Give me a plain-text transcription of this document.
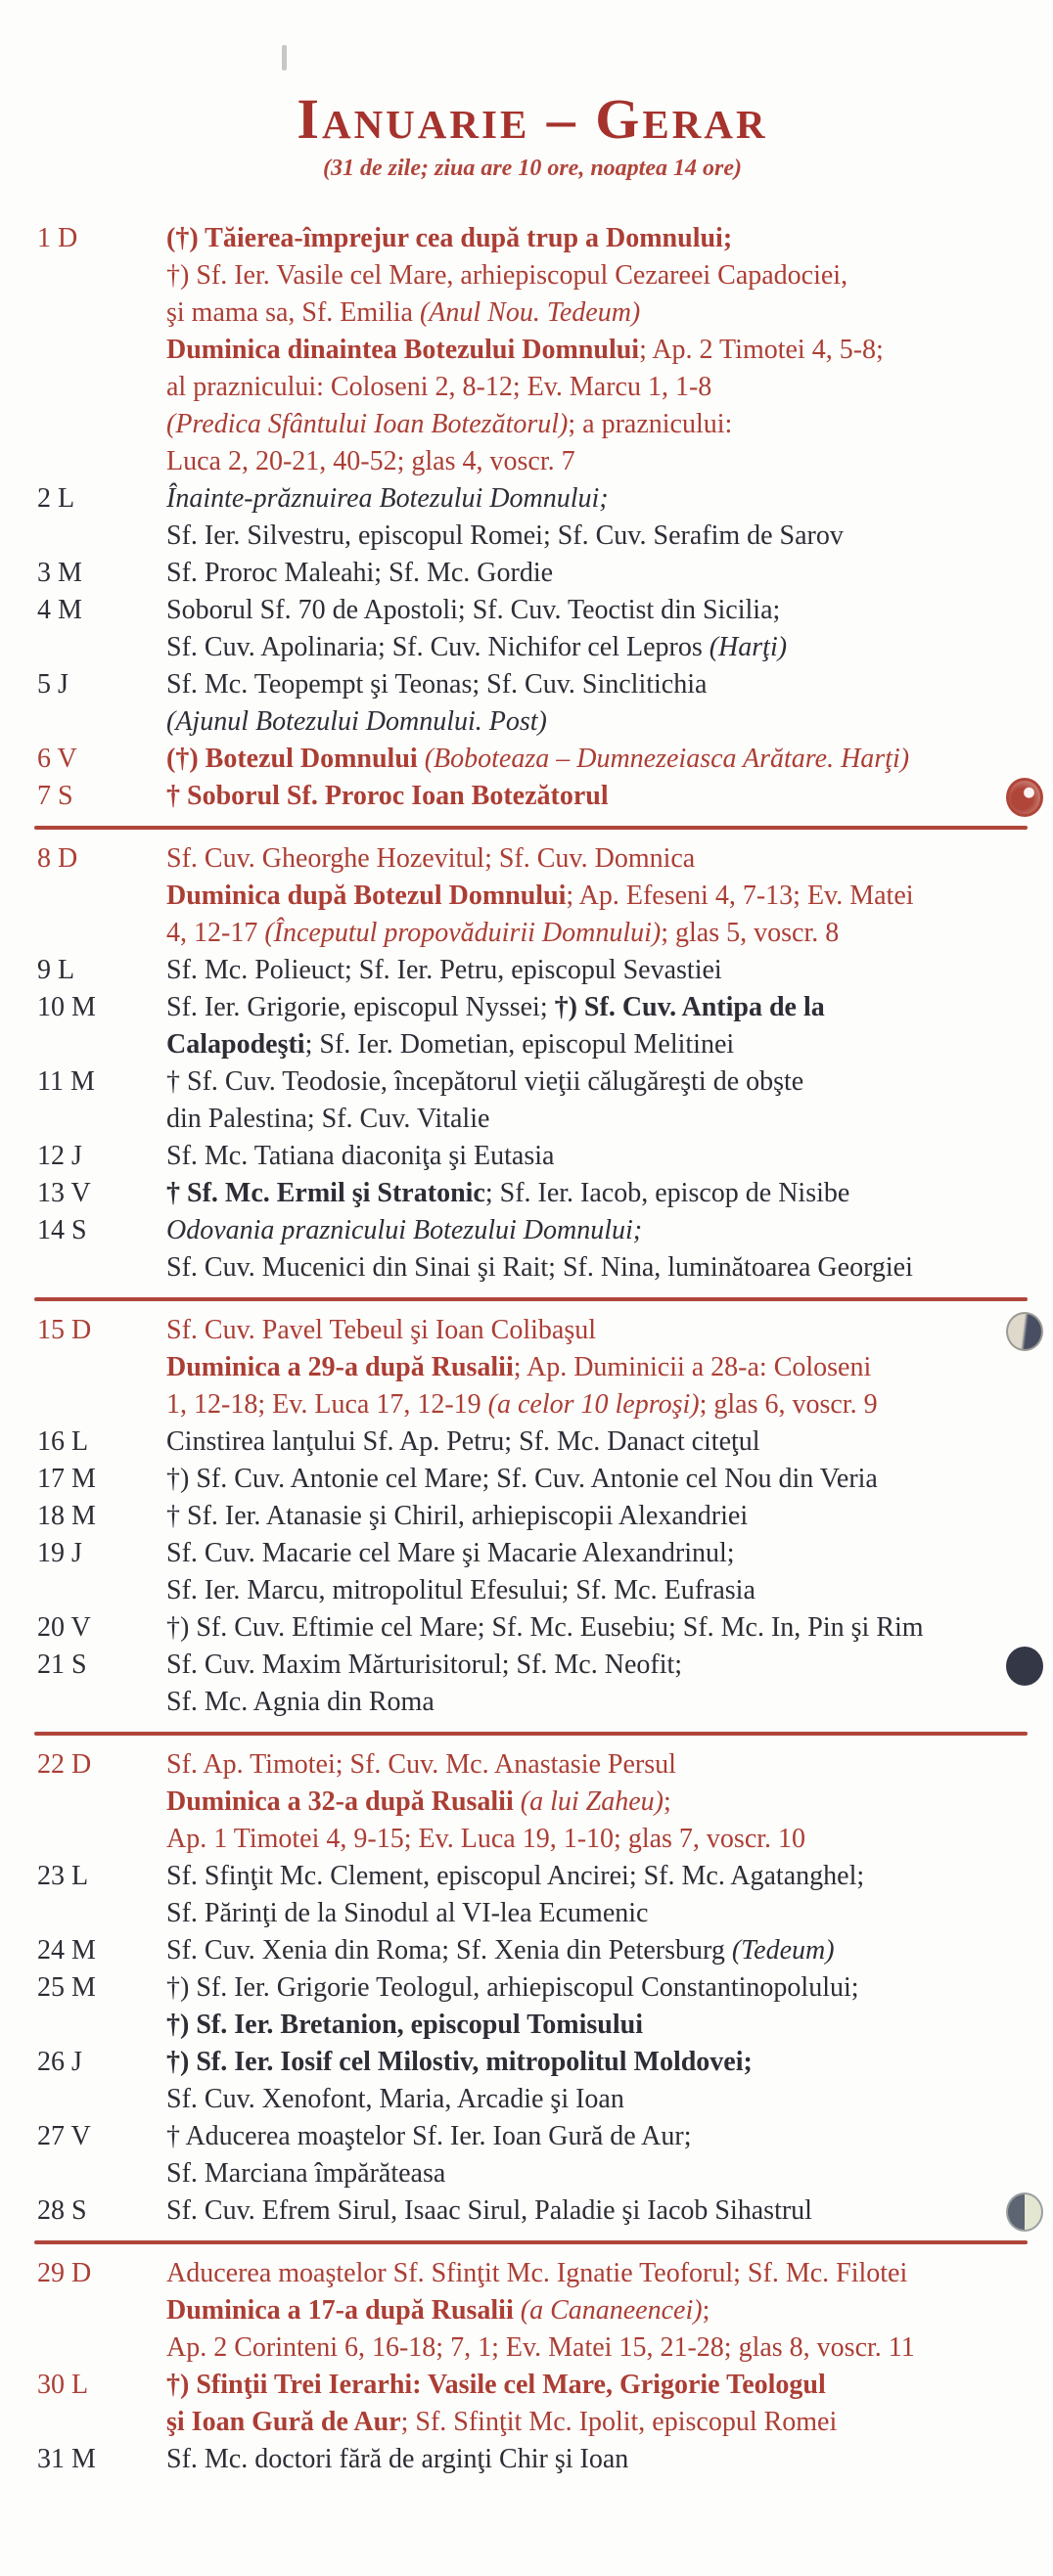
Ianuarie – Gerar
(31 de zile; ziua are 10 ore, noaptea 14 ore)
1 D	(†) Tăierea-împrejur cea după trup a Domnului;
†) Sf. Ier. Vasile cel Mare, arhiepiscopul Cezareei Capadociei,
şi mama sa, Sf. Emilia (Anul Nou. Tedeum)
Duminica dinaintea Botezului Domnului; Ap. 2 Timotei 4, 5-8;
al praznicului: Coloseni 2, 8-12; Ev. Marcu 1, 1-8
(Predica Sfântului Ioan Botezătorul); a praznicului:
Luca 2, 20-21, 40-52; glas 4, voscr. 7
2 L	Înainte-prăznuirea Botezului Domnului;
Sf. Ier. Silvestru, episcopul Romei; Sf. Cuv. Serafim de Sarov
3 M	Sf. Proroc Maleahi; Sf. Mc. Gordie
4 M	Soborul Sf. 70 de Apostoli; Sf. Cuv. Teoctist din Sicilia;
Sf. Cuv. Apolinaria; Sf. Cuv. Nichifor cel Lepros (Harţi)
5 J	Sf. Mc. Teopempt şi Teonas; Sf. Cuv. Sinclitichia
(Ajunul Botezului Domnului. Post)
6 V	(†) Botezul Domnului (Boboteaza – Dumnezeiasca Arătare. Harţi)
7 S	† Soborul Sf. Proroc Ioan Botezătorul
8 D	Sf. Cuv. Gheorghe Hozevitul; Sf. Cuv. Domnica
Duminica după Botezul Domnului; Ap. Efeseni 4, 7-13; Ev. Matei
4, 12-17 (Începutul propovăduirii Domnului); glas 5, voscr. 8
9 L	Sf. Mc. Polieuct; Sf. Ier. Petru, episcopul Sevastiei
10 M	Sf. Ier. Grigorie, episcopul Nyssei; †) Sf. Cuv. Antipa de la
Calapodeşti; Sf. Ier. Dometian, episcopul Melitinei
11 M	† Sf. Cuv. Teodosie, începătorul vieţii călugăreşti de obşte
din Palestina; Sf. Cuv. Vitalie
12 J	Sf. Mc. Tatiana diaconiţa şi Eutasia
13 V	† Sf. Mc. Ermil şi Stratonic; Sf. Ier. Iacob, episcop de Nisibe
14 S	Odovania praznicului Botezului Domnului;
Sf. Cuv. Mucenici din Sinai şi Rait; Sf. Nina, luminătoarea Georgiei
15 D	Sf. Cuv. Pavel Tebeul şi Ioan Colibaşul
Duminica a 29-a după Rusalii; Ap. Duminicii a 28-a: Coloseni
1, 12-18; Ev. Luca 17, 12-19 (a celor 10 leproşi); glas 6, voscr. 9
16 L	Cinstirea lanţului Sf. Ap. Petru; Sf. Mc. Danact citeţul
17 M	†) Sf. Cuv. Antonie cel Mare; Sf. Cuv. Antonie cel Nou din Veria
18 M	† Sf. Ier. Atanasie şi Chiril, arhiepiscopii Alexandriei
19 J	Sf. Cuv. Macarie cel Mare şi Macarie Alexandrinul;
Sf. Ier. Marcu, mitropolitul Efesului; Sf. Mc. Eufrasia
20 V	†) Sf. Cuv. Eftimie cel Mare; Sf. Mc. Eusebiu; Sf. Mc. In, Pin şi Rim
21 S	Sf. Cuv. Maxim Mărturisitorul; Sf. Mc. Neofit;
Sf. Mc. Agnia din Roma
22 D	Sf. Ap. Timotei; Sf. Cuv. Mc. Anastasie Persul
Duminica a 32-a după Rusalii (a lui Zaheu);
Ap. 1 Timotei 4, 9-15; Ev. Luca 19, 1-10; glas 7, voscr. 10
23 L	Sf. Sfinţit Mc. Clement, episcopul Ancirei; Sf. Mc. Agatanghel;
Sf. Părinţi de la Sinodul al VI-lea Ecumenic
24 M	Sf. Cuv. Xenia din Roma; Sf. Xenia din Petersburg (Tedeum)
25 M	†) Sf. Ier. Grigorie Teologul, arhiepiscopul Constantinopolului;
†) Sf. Ier. Bretanion, episcopul Tomisului
26 J	†) Sf. Ier. Iosif cel Milostiv, mitropolitul Moldovei;
Sf. Cuv. Xenofont, Maria, Arcadie şi Ioan
27 V	† Aducerea moaştelor Sf. Ier. Ioan Gură de Aur;
Sf. Marciana împărăteasa
28 S	Sf. Cuv. Efrem Sirul, Isaac Sirul, Paladie şi Iacob Sihastrul
29 D	Aducerea moaştelor Sf. Sfinţit Mc. Ignatie Teoforul; Sf. Mc. Filotei
Duminica a 17-a după Rusalii (a Cananeencei);
Ap. 2 Corinteni 6, 16-18; 7, 1; Ev. Matei 15, 21-28; glas 8, voscr. 11
30 L	†) Sfinţii Trei Ierarhi: Vasile cel Mare, Grigorie Teologul
şi Ioan Gură de Aur; Sf. Sfinţit Mc. Ipolit, episcopul Romei
31 M	Sf. Mc. doctori fără de arginţi Chir şi Ioan
